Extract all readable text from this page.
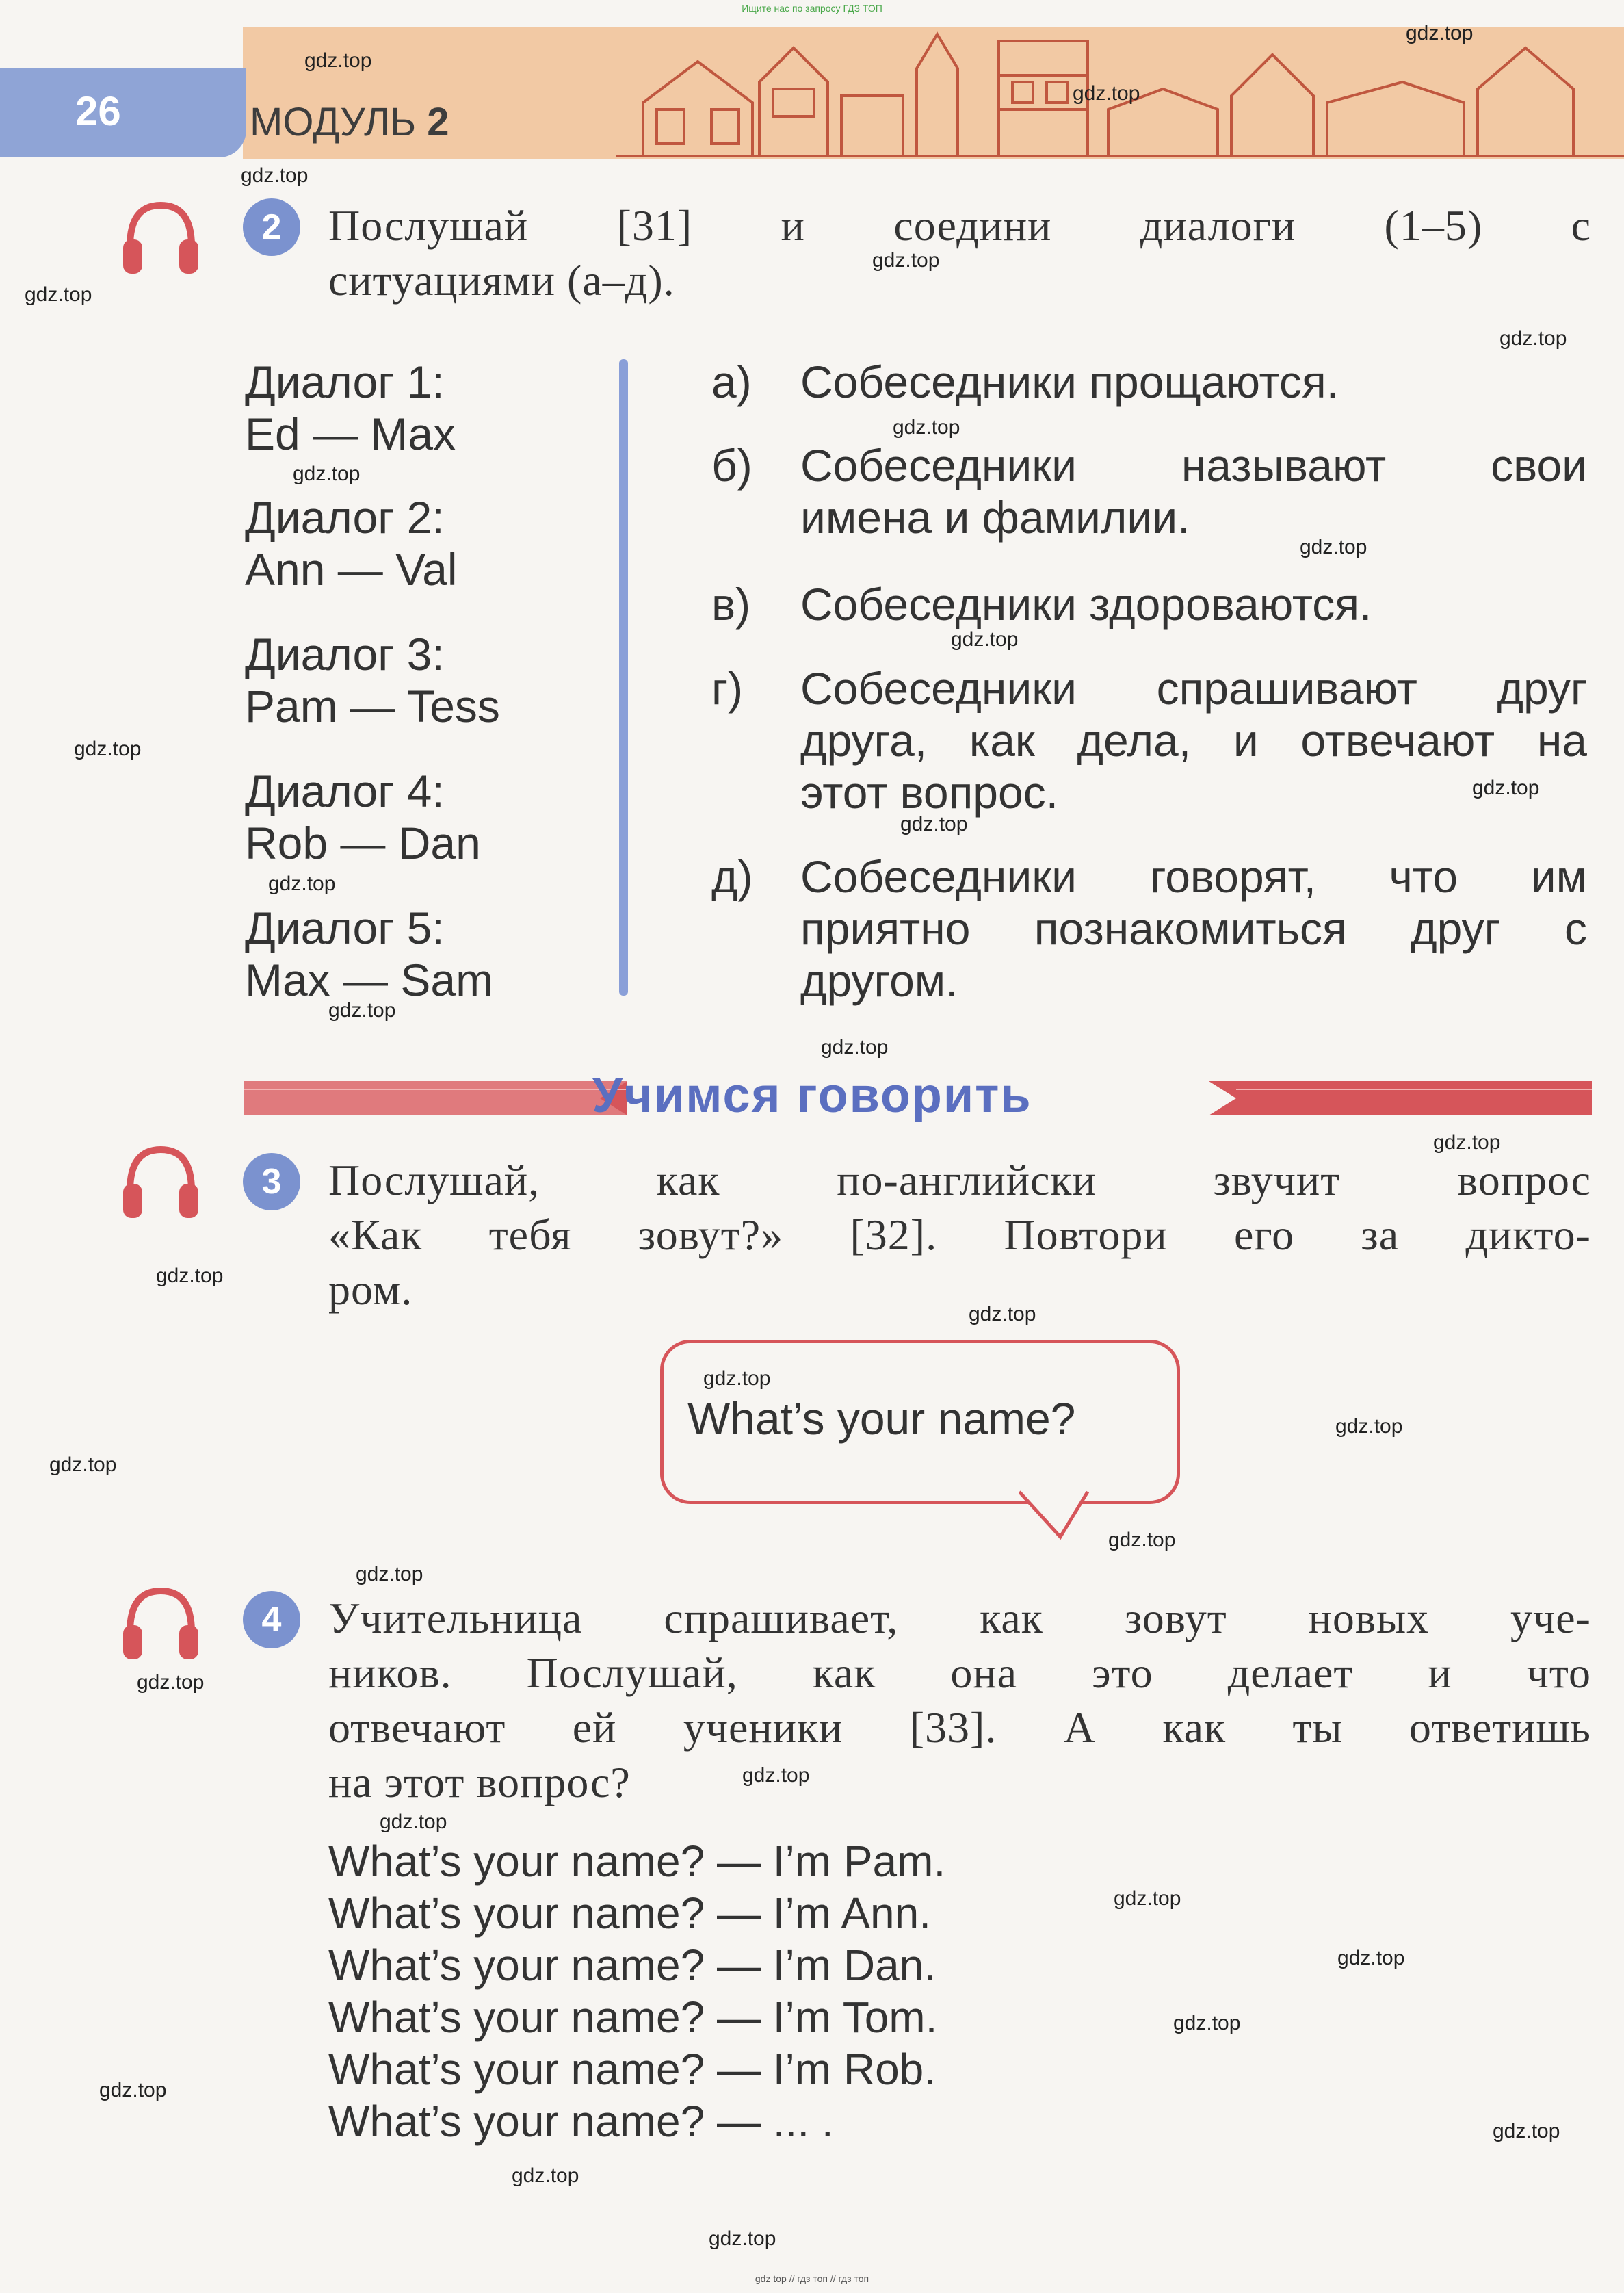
Ищите нас по запросу ГДЗ ТОП
26	МОДУЛЬ 2
2	Послушай [31] и соедини диалоги (1–5) с
ситуациями (а–д).
Диалог 1:
Ed — Max
Диалог 2:
Ann — Val
Диалог 3:
Pam — Tess
Диалог 4:
Rob — Dan
Диалог 5:
Max — Sam
а) Собеседники прощаются.
б) Собеседники называют свои
имена и фамилии.
в) Собеседники здороваются.
г) Собеседники спрашивают друг
друга, как дела, и отвечают на
этот вопрос.
д) Собеседники говорят, что им
приятно познакомиться друг с
другом.
Учимся говорить
3	Послушай,	как	по-английски	звучит	вопрос
«Как тебя зовут?» [32]. Повтори его за дикто-
ром.
What’s your name?
4	Учительница спрашивает, как зовут новых уче-
ников. Послушай, как она это делает и что
отвечают ей ученики [33]. А как ты ответишь
на этот вопрос?
What’s your name? — I’m Pam.
What’s your name? — I’m Ann.
What’s your name? — I’m Dan.
What’s your name? — I’m Tom.
What’s your name? — I’m Rob.
What’s your name? — ... .
gdz.top
gdz.top
gdz.top
gdz.top
gdz.top
gdz.top
gdz.top
gdz.top
gdz.top
gdz.top
gdz.top
gdz.top
gdz.top
gdz.top
gdz.top
gdz.top
gdz.top
gdz.top
gdz.top
gdz.top
gdz.top
gdz.top
gdz.top
gdz.top
gdz.top
gdz.top
gdz.top
gdz.top
gdz.top
gdz.top
gdz.top
gdz.top
gdz.top
gdz.top
gdz.top
gdz top // гдз топ // гдз топ
